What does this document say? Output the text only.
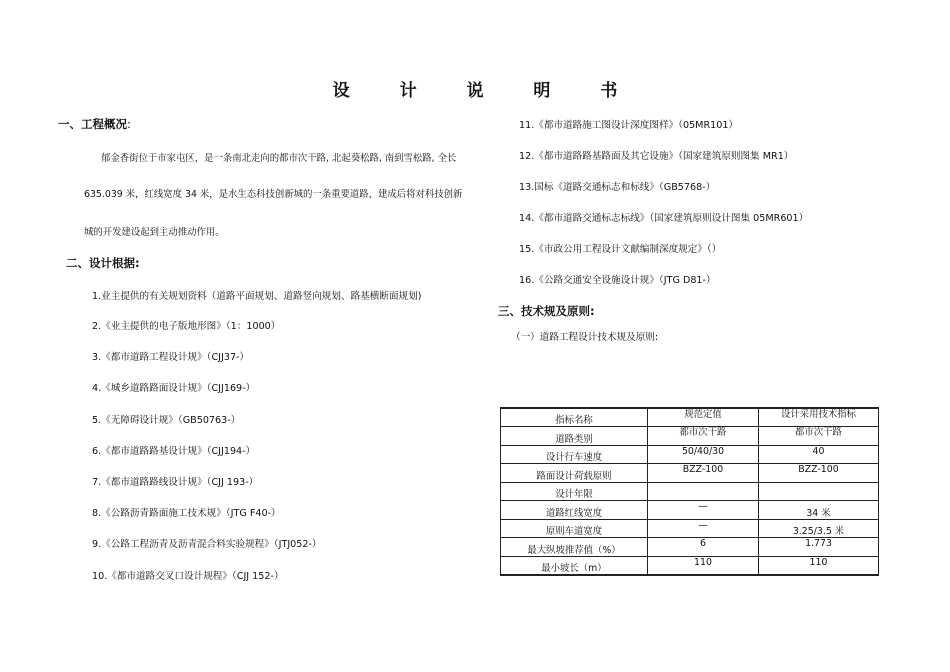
设 计 说 明 书
一、工程概况:
郁金香街位于市家屯区，是一条南北走向的都市次干路, 北起葵松路, 南到雪松路, 全长
635.039 米，红线宽度 34 米，是水生态科技创新城的一条重要道路，建成后将对科技创新
城的开发建设起到主动推动作用。
二、设计根据:
1.业主提供的有关规划资料（道路平面规划、道路竖向规划、路基横断面规划)
2.《业主提供的电子版地形图》（1：1000）
3.《都市道路工程设计规》（CJJ37-）
4.《城乡道路路面设计规》（CJJ169-）
5.《无障碍设计规》（GB50763-）
6.《都市道路路基设计规》（CJJ194-）
7.《都市道路路线设计规》（CJJ 193-）
8.《公路沥青路面施工技术规》（JTG F40-）
9.《公路工程沥青及沥青混合料实验规程》（JTJ052-）
10.《都市道路交叉口设计规程》（CJJ 152-）
11.《都市道路施工图设计深度图样》（05MR101）
12.《都市道路路基路面及其它设施》（国家建筑原则图集 MR1）
13.国标《道路交通标志和标线》（GB5768-）
14.《都市道路交通标志标线》（国家建筑原则设计图集 05MR601）
15.《市政公用工程设计文献编制深度规定》（）
16.《公路交通安全设施设计规》（JTG D81-）
三、技术规及原则:
（一）道路工程设计技术规及原则:
指标名称	规范定值	设计采用技术指标
道路类别	都市次干路	都市次干路
设计行车速度	50/40/30	40
路面设计荷载原则	BZZ-100	BZZ-100
设计年限		
道路红线宽度	—	34 米
原则车道宽度	—	3.25/3.5 米
最大纵坡推荐值（%）	6	1.773
最小坡长（m）	110	110
